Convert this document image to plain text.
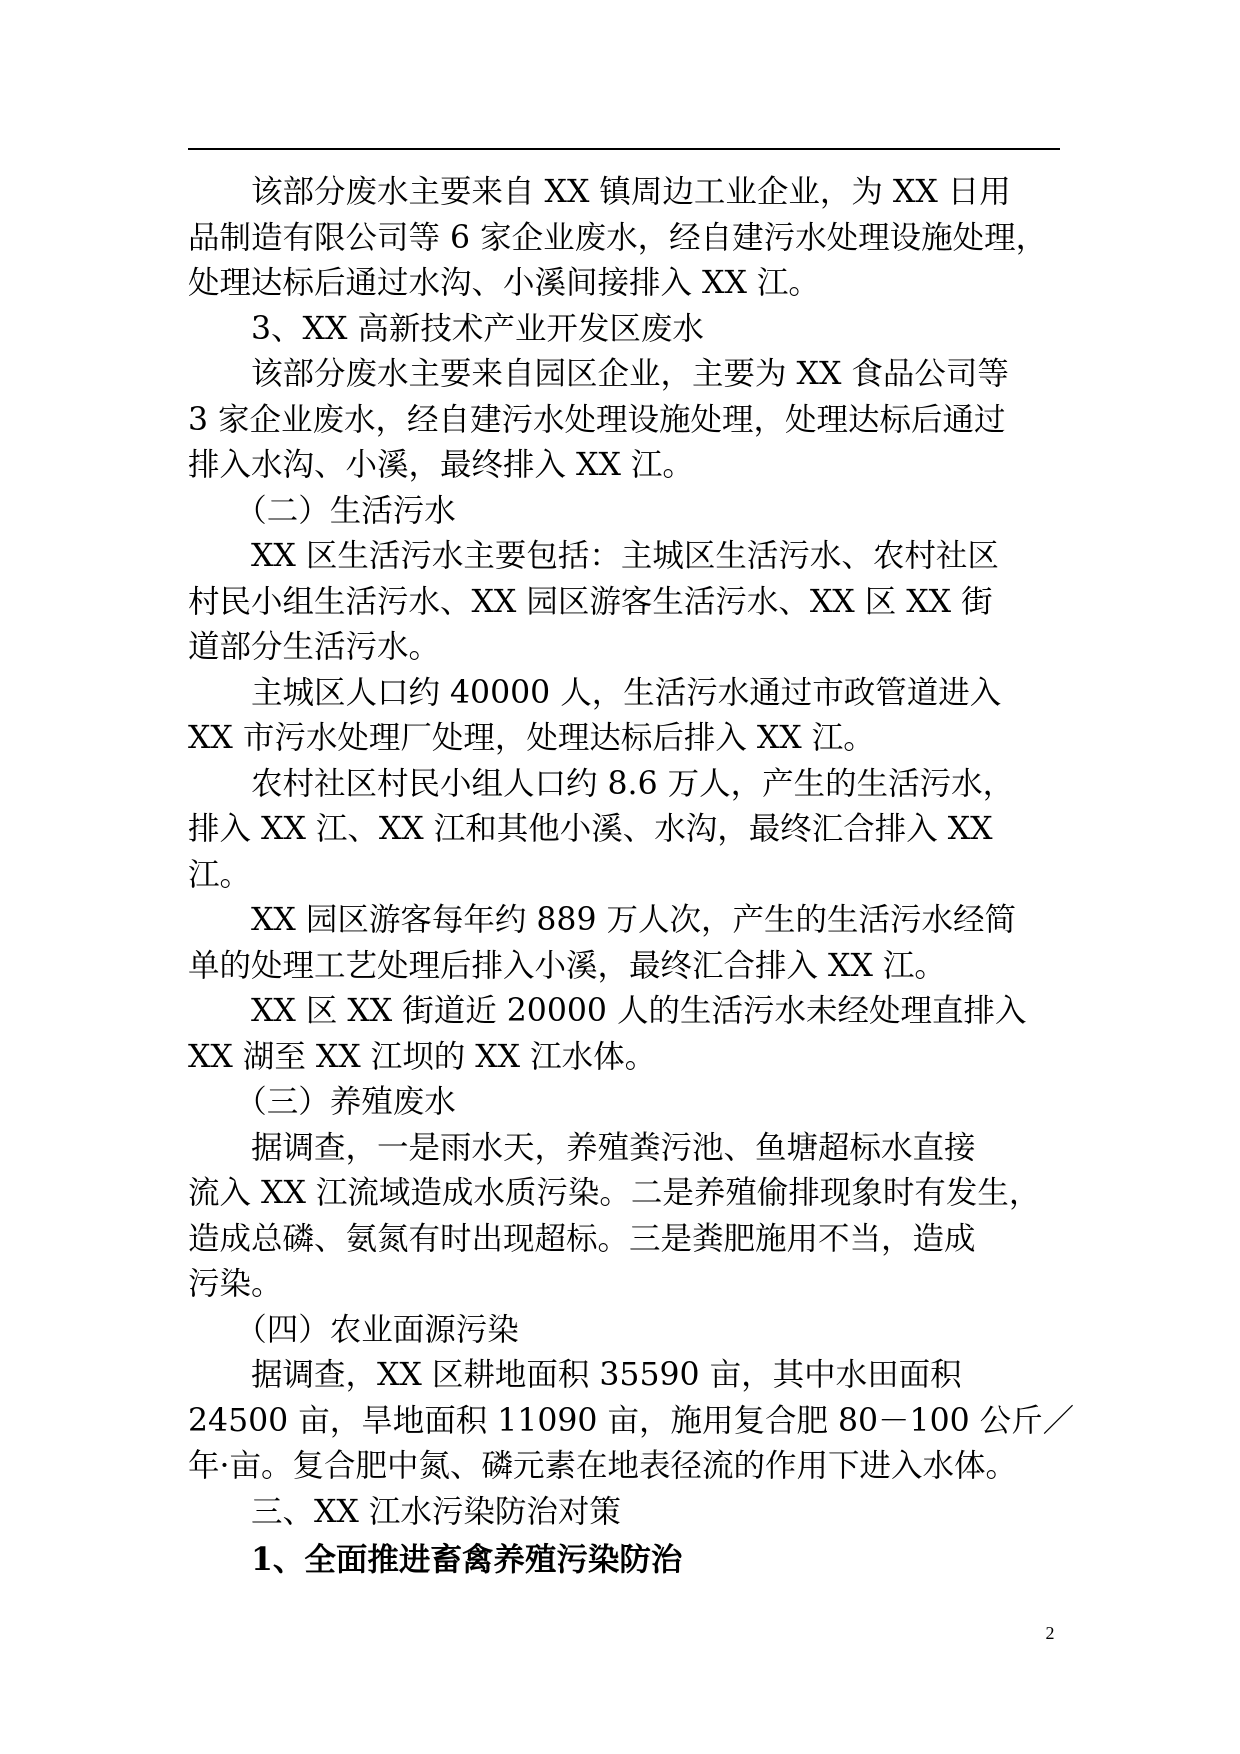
　　该部分废水主要来自 XX 镇周边工业企业，为 XX 日用
品制造有限公司等 6 家企业废水，经自建污水处理设施处理，
处理达标后通过水沟、小溪间接排入 XX 江。

　　3、XX 高新技术产业开发区废水

　　该部分废水主要来自园区企业，主要为 XX 食品公司等
3 家企业废水，经自建污水处理设施处理，处理达标后通过
排入水沟、小溪，最终排入 XX 江。

　　（二）生活污水

　　XX 区生活污水主要包括：主城区生活污水、农村社区
村民小组生活污水、XX 园区游客生活污水、XX 区 XX 街
道部分生活污水。

　　主城区人口约 40000 人，生活污水通过市政管道进入
XX 市污水处理厂处理，处理达标后排入 XX 江。

　　农村社区村民小组人口约 8.6 万人，产生的生活污水，
排入 XX 江、XX 江和其他小溪、水沟，最终汇合排入 XX
江。

　　XX 园区游客每年约 889 万人次，产生的生活污水经简
单的处理工艺处理后排入小溪，最终汇合排入 XX 江。

　　XX 区 XX 街道近 20000 人的生活污水未经处理直排入
XX 湖至 XX 江坝的 XX 江水体。

　　（三）养殖废水

　　据调查，一是雨水天，养殖粪污池、鱼塘超标水直接
流入 XX 江流域造成水质污染。二是养殖偷排现象时有发生，
造成总磷、氨氮有时出现超标。三是粪肥施用不当，造成
污染。

　　（四）农业面源污染

　　据调查，XX 区耕地面积 35590 亩，其中水田面积
24500 亩，旱地面积 11090 亩，施用复合肥 80－100 公斤／
年·亩。复合肥中氮、磷元素在地表径流的作用下进入水体。

　　三、XX 江水污染防治对策

　　1、全面推进畜禽养殖污染防治

2
